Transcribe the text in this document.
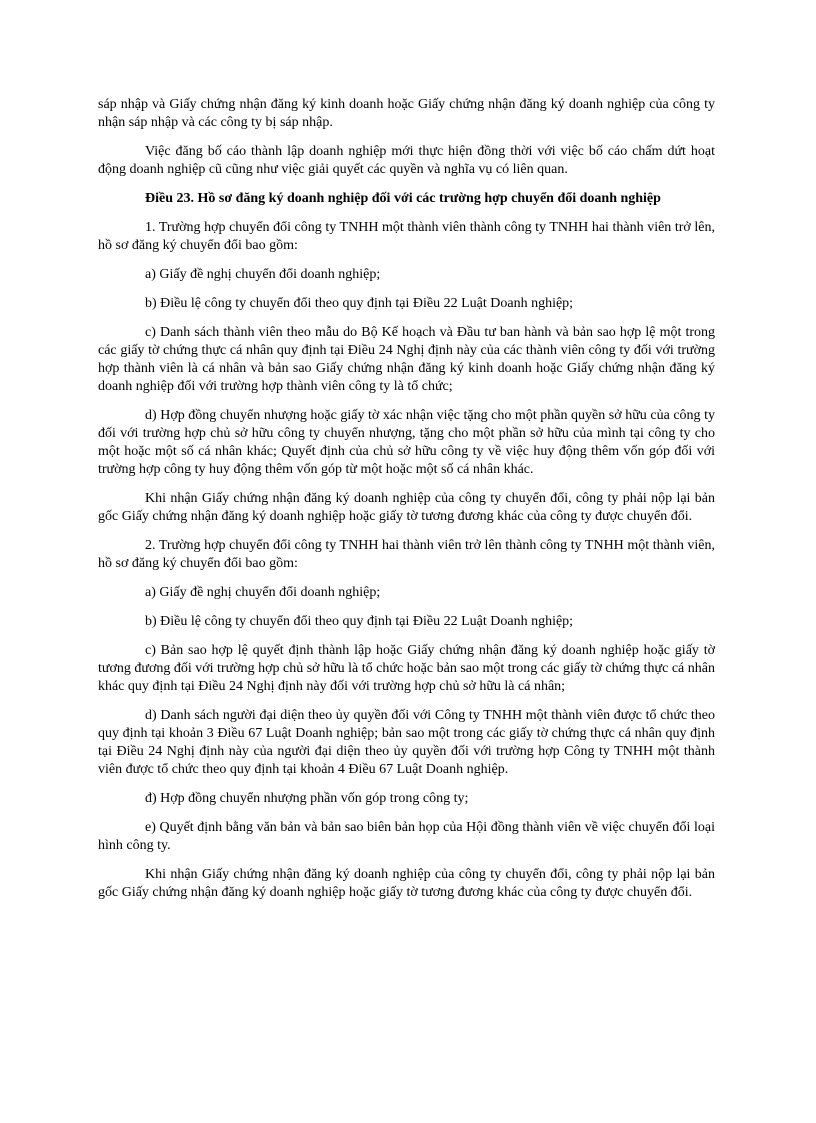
sáp nhập và Giấy chứng nhận đăng ký kinh doanh hoặc Giấy chứng nhận đăng ký doanh nghiệp của công ty nhận sáp nhập và các công ty bị sáp nhập.

Việc đăng bố cáo thành lập doanh nghiệp mới thực hiện đồng thời với việc bố cáo chấm dứt hoạt động doanh nghiệp cũ cũng như việc giải quyết các quyền và nghĩa vụ có liên quan.

Điều 23. Hồ sơ đăng ký doanh nghiệp đối với các trường hợp chuyển đổi doanh nghiệp

1. Trường hợp chuyển đổi công ty TNHH một thành viên thành công ty TNHH hai thành viên trở lên, hồ sơ đăng ký chuyển đổi bao gồm:

a) Giấy đề nghị chuyển đổi doanh nghiệp;

b) Điều lệ công ty chuyển đổi theo quy định tại Điều 22 Luật Doanh nghiệp;

c) Danh sách thành viên theo mẫu do Bộ Kế hoạch và Đầu tư ban hành và bản sao hợp lệ một trong các giấy tờ chứng thực cá nhân quy định tại Điều 24 Nghị định này của các thành viên công ty đối với trường hợp thành viên là cá nhân và bản sao Giấy chứng nhận đăng ký kinh doanh hoặc Giấy chứng nhận đăng ký doanh nghiệp đối với trường hợp thành viên công ty là tổ chức;

d) Hợp đồng chuyển nhượng hoặc giấy tờ xác nhận việc tặng cho một phần quyền sở hữu của công ty đối với trường hợp chủ sở hữu công ty chuyển nhượng, tặng cho một phần sở hữu của mình tại công ty cho một hoặc một số cá nhân khác; Quyết định của chủ sở hữu công ty về việc huy động thêm vốn góp đối với trường hợp công ty huy động thêm vốn góp từ một hoặc một số cá nhân khác.

Khi nhận Giấy chứng nhận đăng ký doanh nghiệp của công ty chuyển đổi, công ty phải nộp lại bản gốc Giấy chứng nhận đăng ký doanh nghiệp hoặc giấy tờ tương đương khác của công ty được chuyển đổi.

2. Trường hợp chuyển đổi công ty TNHH hai thành viên trở lên thành công ty TNHH một thành viên, hồ sơ đăng ký chuyển đổi bao gồm:

a) Giấy đề nghị chuyển đổi doanh nghiệp;

b) Điều lệ công ty chuyển đổi theo quy định tại Điều 22 Luật Doanh nghiệp;

c) Bản sao hợp lệ quyết định thành lập hoặc Giấy chứng nhận đăng ký doanh nghiệp hoặc giấy tờ tương đương đối với trường hợp chủ sở hữu là tổ chức hoặc bản sao một trong các giấy tờ chứng thực cá nhân khác quy định tại Điều 24 Nghị định này đối với trường hợp chủ sở hữu là cá nhân;

d) Danh sách người đại diện theo ủy quyền đối với Công ty TNHH một thành viên được tổ chức theo quy định tại khoản 3 Điều 67 Luật Doanh nghiệp; bản sao một trong các giấy tờ chứng thực cá nhân quy định tại Điều 24 Nghị định này của người đại diện theo ủy quyền đối với trường hợp Công ty TNHH một thành viên được tổ chức theo quy định tại khoản 4 Điều 67 Luật Doanh nghiệp.

đ) Hợp đồng chuyển nhượng phần vốn góp trong công ty;

e) Quyết định bằng văn bản và bản sao biên bản họp của Hội đồng thành viên về việc chuyển đổi loại hình công ty.

Khi nhận Giấy chứng nhận đăng ký doanh nghiệp của công ty chuyển đổi, công ty phải nộp lại bản gốc Giấy chứng nhận đăng ký doanh nghiệp hoặc giấy tờ tương đương khác của công ty được chuyển đổi.
